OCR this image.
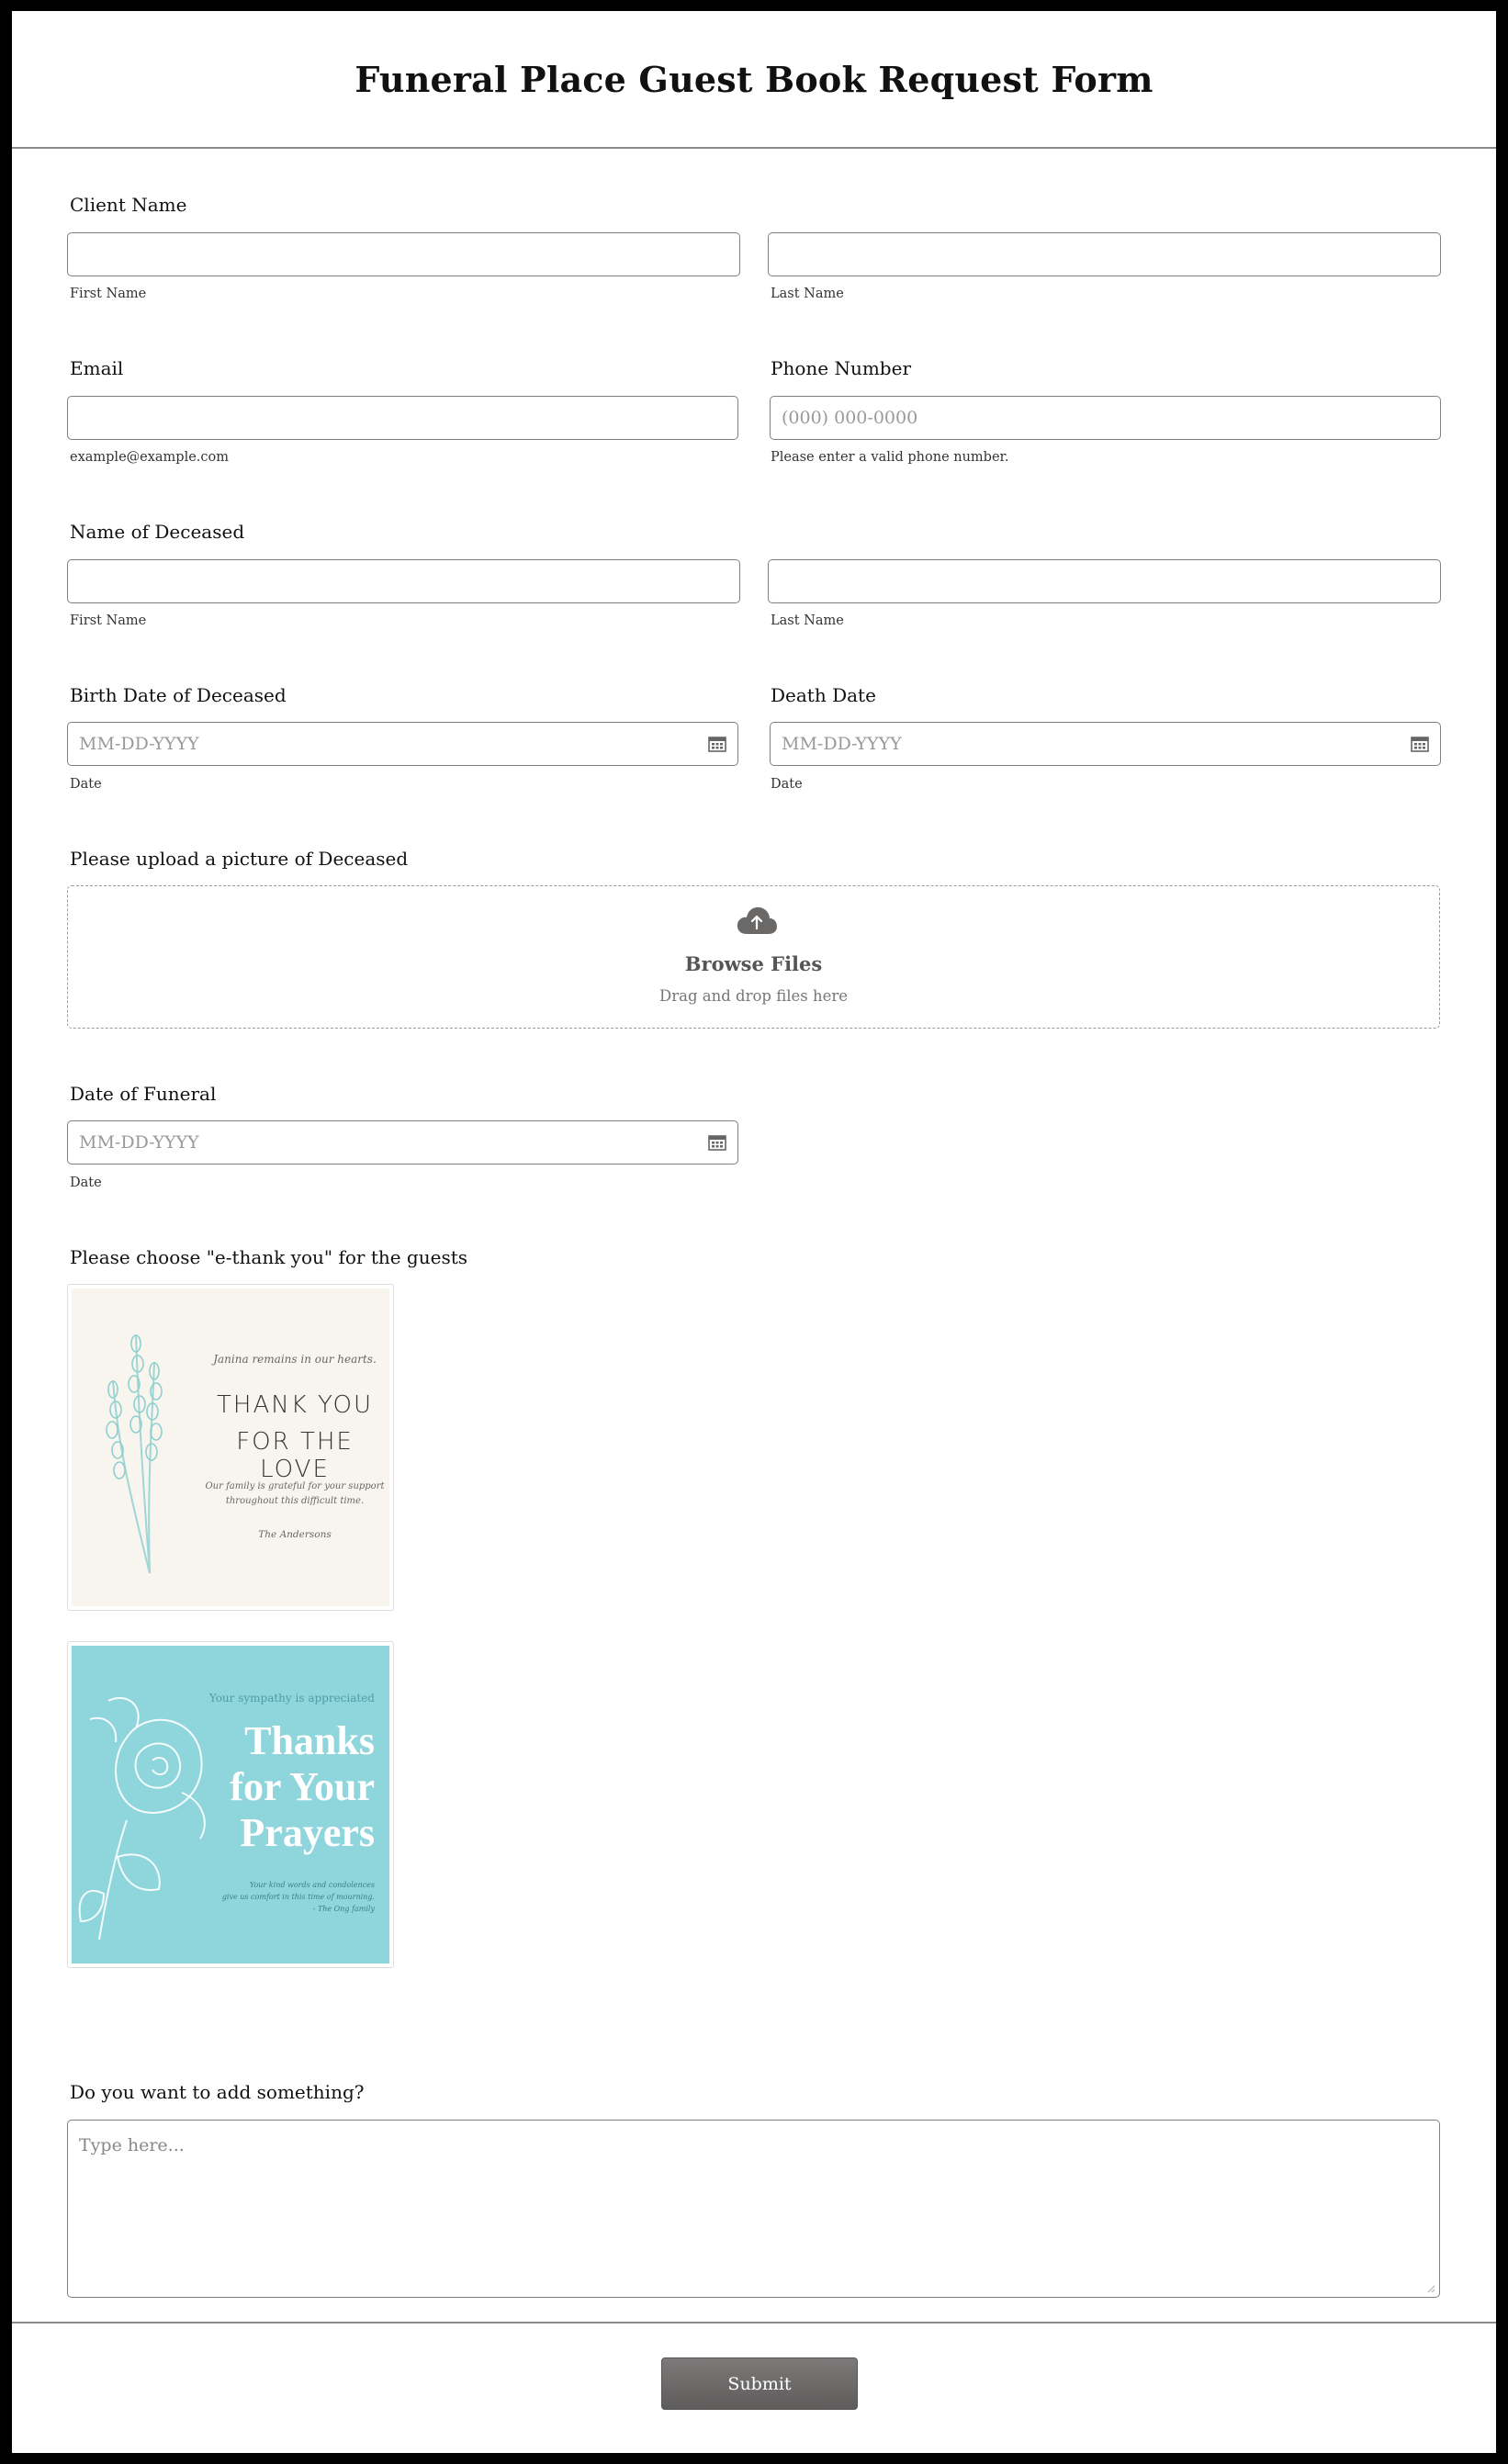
Funeral Place Guest Book Request Form
Client Name
First Name	Last Name
Email
example@example.com
Phone Number
(000) 000-0000
Please enter a valid phone number.
Name of Deceased
First Name	Last Name
Birth Date of Deceased
MM-DD-YYYY
Date
Death Date
MM-DD-YYYY
Date
Please upload a picture of Deceased
Browse Files
Drag and drop files here
Date of Funeral
MM-DD-YYYY
Date
Please choose "e-thank you" for the guests
Janina remains in our hearts.
THANK YOU
FOR THE LOVE
Our family is grateful for your support
throughout this difficult time.
The Andersons
Your sympathy is appreciated
Thanks
for Your
Prayers
Your kind words and condolences
give us comfort in this time of mourning.
- The Ong family
Do you want to add something?
Type here...
Submit
